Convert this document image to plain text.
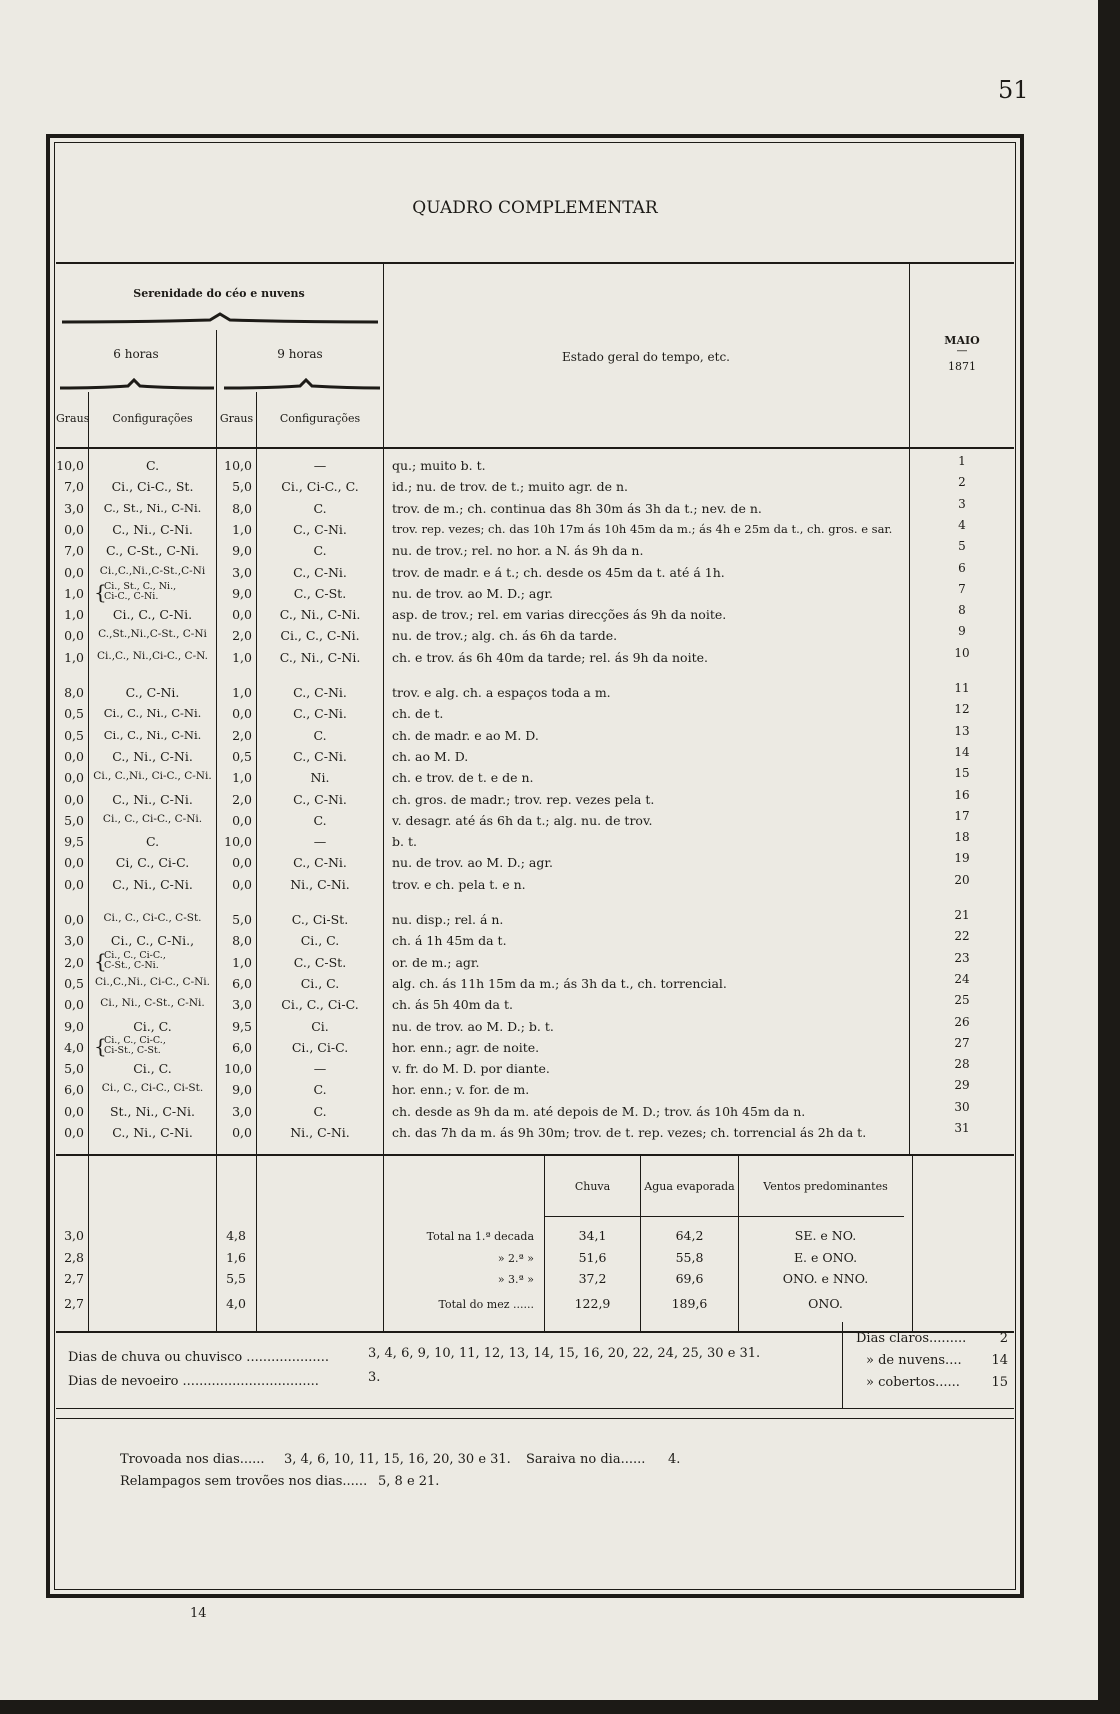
51
QUADRO COMPLEMENTAR
Serenidade do céo e nuvens
6 horas	9 horas	Estado geral do tempo, etc.
MAIO
—
1871
Graus	Configurações	Graus	Configurações
10,0	C.	10,0	—	qu.; muito b. t.	1
7,0	Ci., Ci-C., St.	5,0	Ci., Ci-C., C.	id.; nu. de trov. de t.; muito agr. de n.	2
3,0	C., St., Ni., C-Ni.	8,0	C.	trov. de m.; ch. continua das 8h 30m ás 3h da t.; nev. de n.	3
0,0	C., Ni., C-Ni.	1,0	C., C-Ni.	trov. rep. vezes; ch. das 10h 17m ás 10h 45m da m.; ás 4h e 25m da t., ch. gros. e sar.	4
7,0	C., C-St., C-Ni.	9,0	C.	nu. de trov.; rel. no hor. a N. ás 9h da n.	5
0,0	Ci.,C.,Ni.,C-St.,C-Ni	3,0	C., C-Ni.	trov. de madr. e á t.; ch. desde os 45m da t. até á 1h.	6
1,0 {
Ci., St., C., Ni.,
Ci-C., C-Ni.	9,0	C., C-St.	nu. de trov. ao M. D.; agr.	7
1,0	Ci., C., C-Ni.	0,0	C., Ni., C-Ni.	asp. de trov.; rel. em varias direcções ás 9h da noite.	8
0,0	C.,St.,Ni.,C-St., C-Ni	2,0	Ci., C., C-Ni.	nu. de trov.; alg. ch. ás 6h da tarde.	9
1,0	Ci.,C., Ni.,Ci-C., C-N.	1,0	C., Ni., C-Ni.	ch. e trov. ás 6h 40m da tarde; rel. ás 9h da noite.	10
8,0	C., C-Ni.	1,0	C., C-Ni.	trov. e alg. ch. a espaços toda a m.	11
0,5	Ci., C., Ni., C-Ni.	0,0	C., C-Ni.	ch. de t.	12
0,5	Ci., C., Ni., C-Ni.	2,0	C.	ch. de madr. e ao M. D.	13
0,0	C., Ni., C-Ni.	0,5	C., C-Ni.	ch. ao M. D.	14
0,0 Ci., C.,Ni., Ci-C., C-Ni.	1,0	Ni.	ch. e trov. de t. e de n.	15
0,0	C., Ni., C-Ni.	2,0	C., C-Ni.	ch. gros. de madr.; trov. rep. vezes pela t.	16
5,0	Ci., C., Ci-C., C-Ni.	0,0	C.	v. desagr. até ás 6h da t.; alg. nu. de trov.	17
9,5	C.	10,0	—	b. t.	18
0,0	Ci, C., Ci-C.	0,0	C., C-Ni.	nu. de trov. ao M. D.; agr.	19
0,0	C., Ni., C-Ni.	0,0	Ni., C-Ni.	trov. e ch. pela t. e n.	20
0,0	Ci., C., Ci-C., C-St.	5,0	C., Ci-St.	nu. disp.; rel. á n.	21
3,0	Ci., C., C-Ni.,	8,0	Ci., C.	ch. á 1h 45m da t.	22
2,0 {
Ci., C., Ci-C.,
C-St., C-Ni.	1,0	C., C-St.	or. de m.; agr.	23
0,5	Ci.,C.,Ni., Ci-C., C-Ni.	6,0	Ci., C.	alg. ch. ás 11h 15m da m.; ás 3h da t., ch. torrencial.	24
0,0	Ci., Ni., C-St., C-Ni.	3,0	Ci., C., Ci-C.	ch. ás 5h 40m da t.	25
9,0	Ci., C.	9,5	Ci.	nu. de trov. ao M. D.; b. t.	26
4,0 {
Ci., C., Ci-C.,
Ci-St., C-St.	6,0	Ci., Ci-C.	hor. enn.; agr. de noite.	27
5,0	Ci., C.	10,0	—	v. fr. do M. D. por diante.	28
6,0	Ci., C., Ci-C., Ci-St.	9,0	C.	hor. enn.; v. for. de m.	29
0,0	St., Ni., C-Ni.	3,0	C.	ch. desde as 9h da m. até depois de M. D.; trov. ás 10h 45m da n.	30
0,0	C., Ni., C-Ni.	0,0	Ni., C-Ni.	ch. das 7h da m. ás 9h 30m; trov. de t. rep. vezes; ch. torrencial ás 2h da t.	31
Chuva	Agua evaporada	Ventos predominantes
3,0	4,8	Total na 1.ª decada	34,1	64,2	SE. e NO.
2,8	1,6	» 2.ª »	51,6	55,8	E. e ONO.
2,7	5,5	» 3.ª »	37,2	69,6	ONO. e NNO.
2,7	4,0	Total do mez ......	122,9	189,6	ONO.
Dias de chuva ou chuvisco ....................	3, 4, 6, 9, 10, 11, 12, 13, 14, 15, 16, 20, 22, 24, 25, 30 e 31.
Dias de nevoeiro .................................	3.
Dias claros.........	2
» de nuvens.... 14
» cobertos...... 15
Trovoada nos dias...... 3, 4, 6, 10, 11, 15, 16, 20, 30 e 31. Saraiva no dia...... 4.
Relampagos sem trovões nos dias...... 5, 8 e 21.
14
